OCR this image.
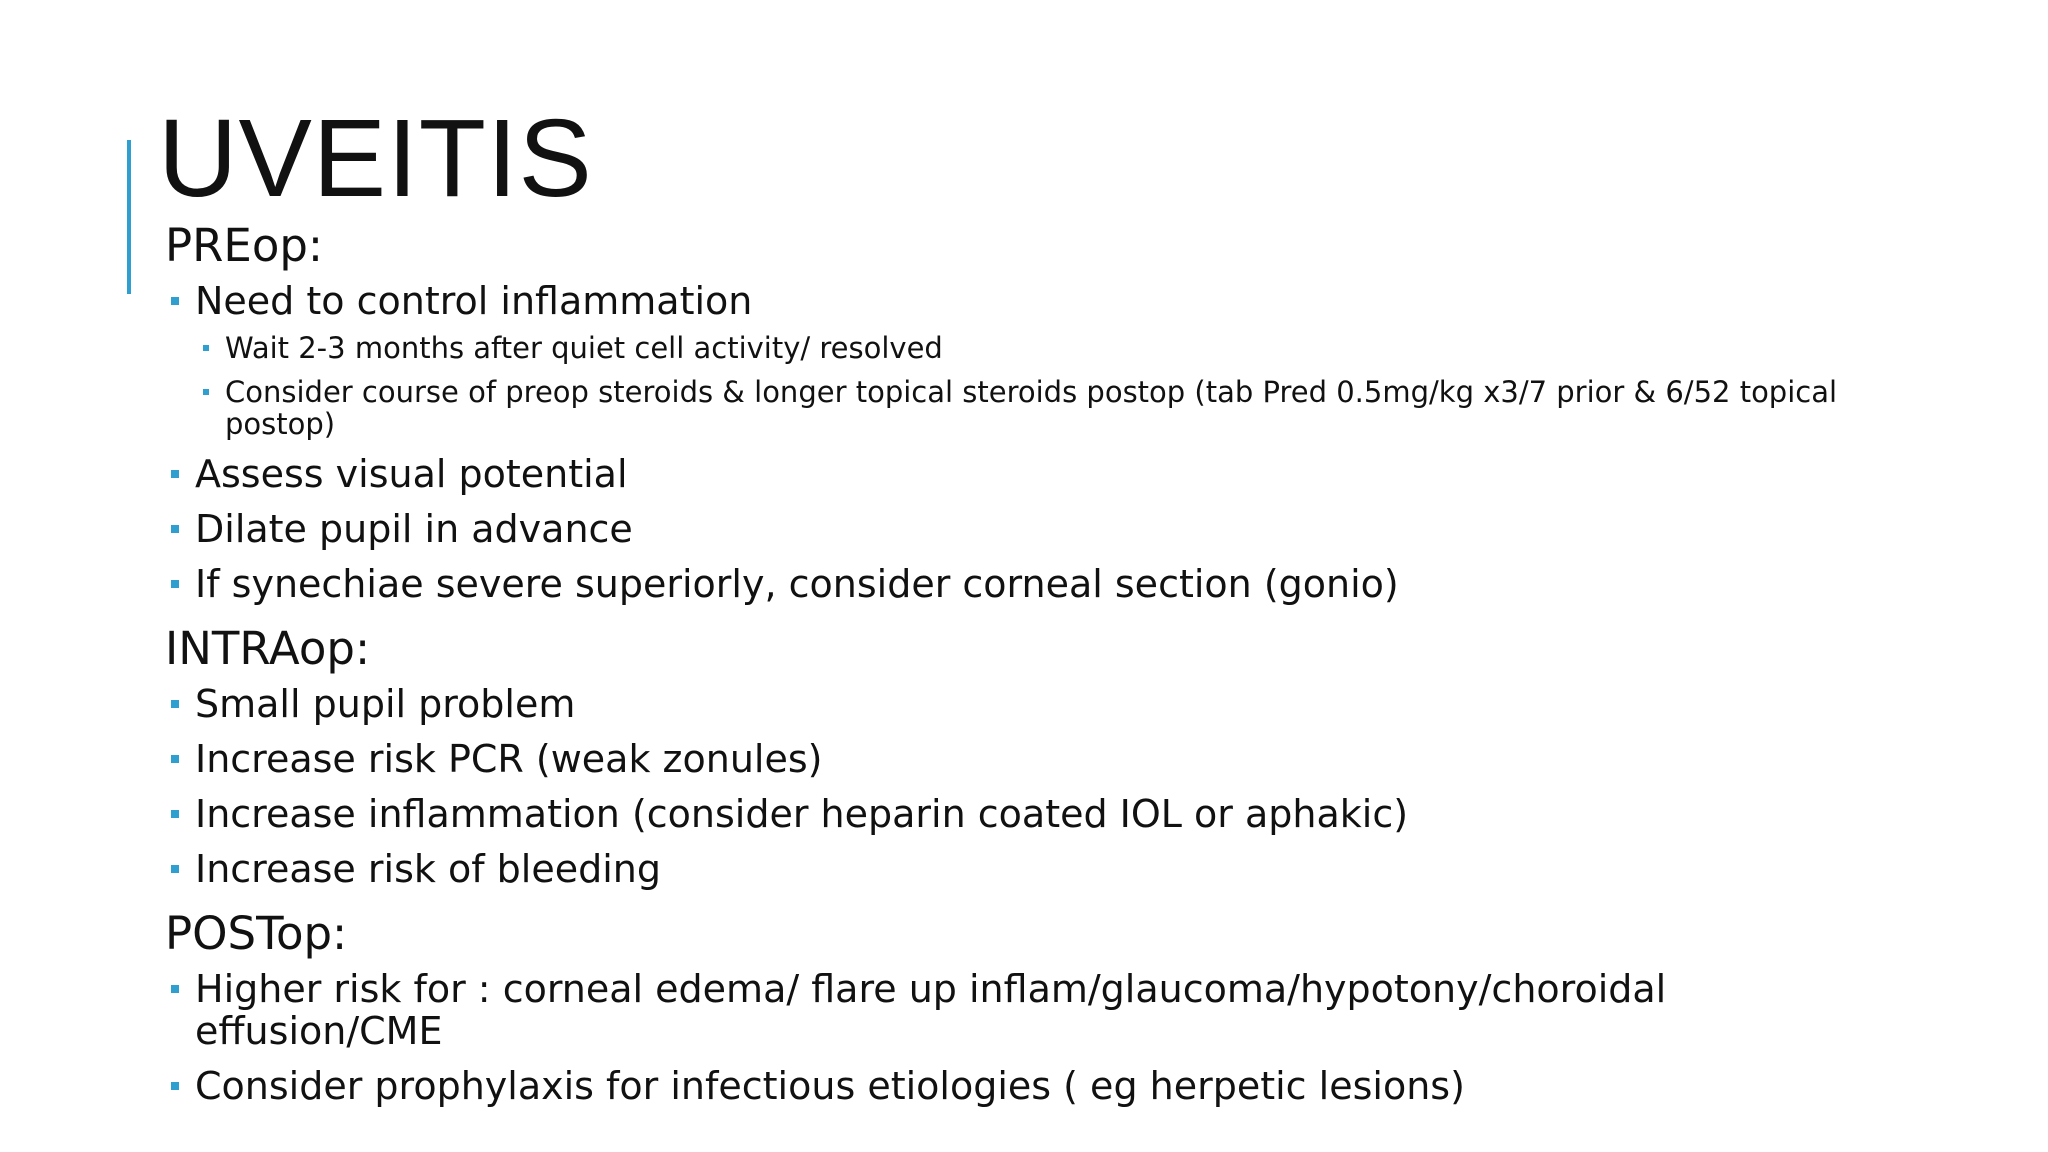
UVEITIS

PREop:

Need to control inflammation
Wait 2-3 months after quiet cell activity/ resolved
Consider course of preop steroids & longer topical steroids postop (tab Pred 0.5mg/kg x3/7 prior & 6/52 topical postop)
Assess visual potential
Dilate pupil in advance
If synechiae severe superiorly, consider corneal section (gonio)

INTRAop:

Small pupil problem
Increase risk PCR (weak zonules)
Increase inflammation (consider heparin coated IOL or aphakic)
Increase risk of bleeding

POSTop:

Higher risk for : corneal edema/ flare up inflam/glaucoma/hypotony/choroidal effusion/CME
Consider prophylaxis for infectious etiologies ( eg herpetic lesions)
